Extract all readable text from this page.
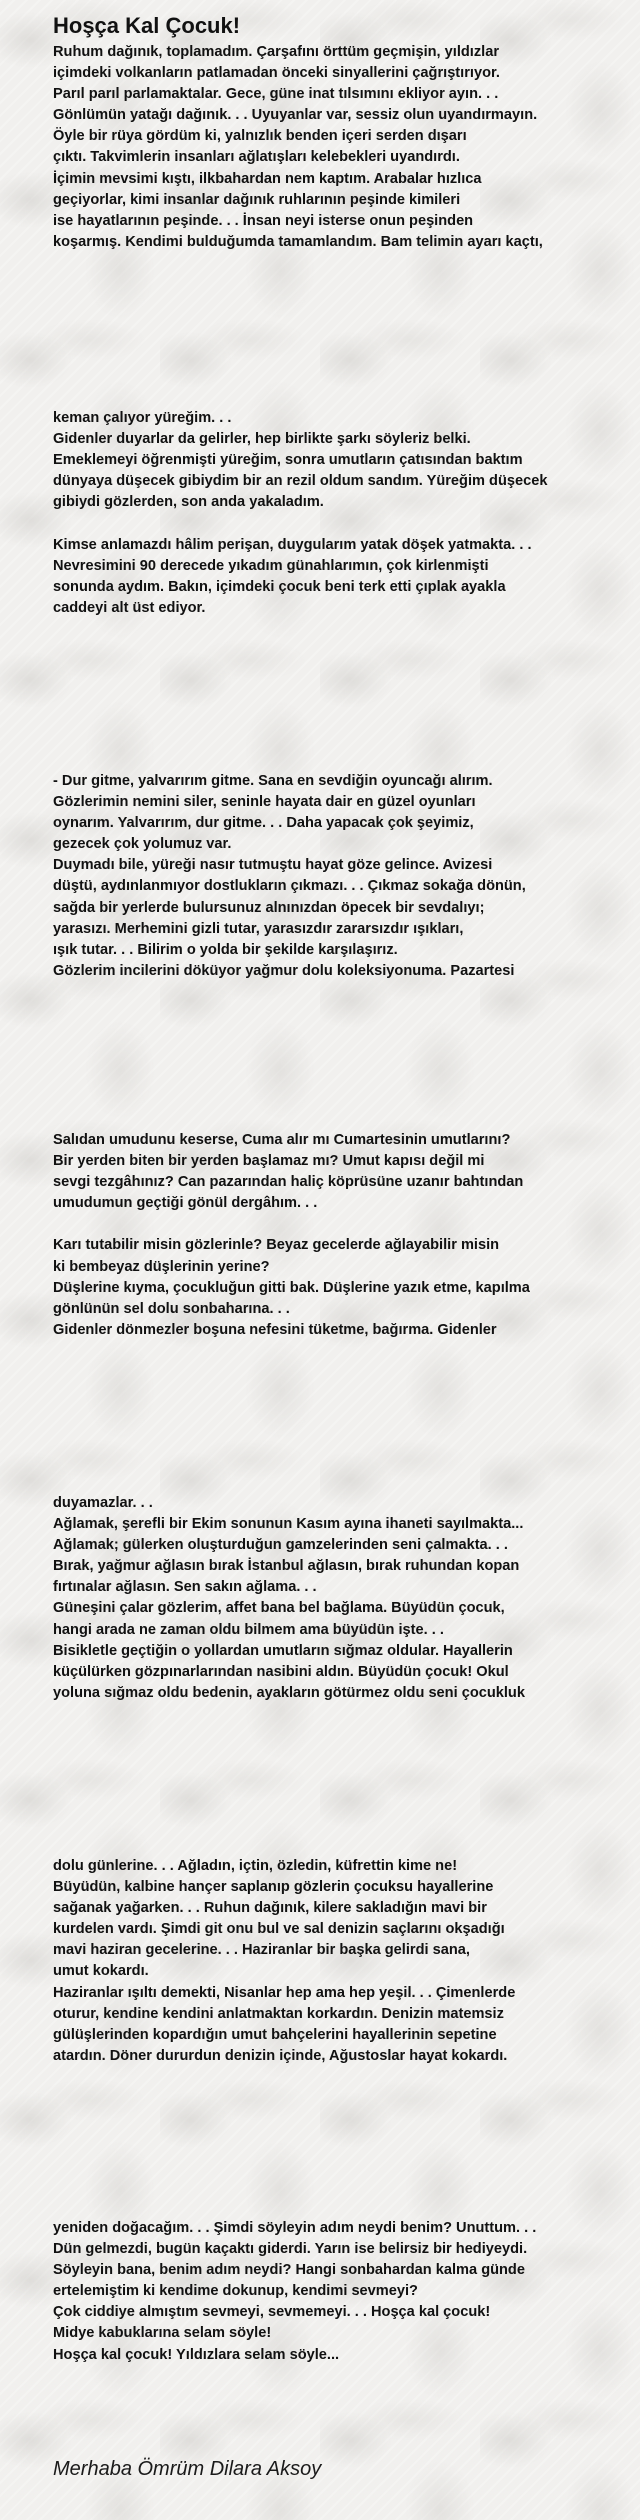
Hoşça Kal Çocuk!
Ruhum dağınık, toplamadım. Çarşafını örttüm geçmişin, yıldızlar
içimdeki volkanların patlamadan önceki sinyallerini çağrıştırıyor.
Parıl parıl parlamaktalar. Gece, güne inat tılsımını ekliyor ayın. . .
Gönlümün yatağı dağınık. . . Uyuyanlar var, sessiz olun uyandırmayın.
Öyle bir rüya gördüm ki, yalnızlık benden içeri serden dışarı
çıktı. Takvimlerin insanları ağlatışları kelebekleri uyandırdı.
İçimin mevsimi kıştı, ilkbahardan nem kaptım. Arabalar hızlıca
geçiyorlar, kimi insanlar dağınık ruhlarının peşinde kimileri
ise hayatlarının peşinde. . . İnsan neyi isterse onun peşinden
koşarmış. Kendimi bulduğumda tamamlandım. Bam telimin ayarı kaçtı,
keman çalıyor yüreğim. . .
Gidenler duyarlar da gelirler, hep birlikte şarkı söyleriz belki.
Emeklemeyi öğrenmişti yüreğim, sonra umutların çatısından baktım
dünyaya düşecek gibiydim bir an rezil oldum sandım. Yüreğim düşecek
gibiydi gözlerden, son anda yakaladım.
Kimse anlamazdı hâlim perişan, duygularım yatak döşek yatmakta. . .
Nevresimini 90 derecede yıkadım günahlarımın, çok kirlenmişti
sonunda aydım. Bakın, içimdeki çocuk beni terk etti çıplak ayakla
caddeyi alt üst ediyor.
- Dur gitme, yalvarırım gitme. Sana en sevdiğin oyuncağı alırım.
Gözlerimin nemini siler, seninle hayata dair en güzel oyunları
oynarım. Yalvarırım, dur gitme. . . Daha yapacak çok şeyimiz,
gezecek çok yolumuz var.
Duymadı bile, yüreği nasır tutmuştu hayat göze gelince. Avizesi
düştü, aydınlanmıyor dostlukların çıkmazı. . . Çıkmaz sokağa dönün,
sağda bir yerlerde bulursunuz alnınızdan öpecek bir sevdalıyı;
yarasızı. Merhemini gizli tutar, yarasızdır zararsızdır ışıkları,
ışık tutar. . . Bilirim o yolda bir şekilde karşılaşırız.
Gözlerim incilerini döküyor yağmur dolu koleksiyonuma. Pazartesi
Salıdan umudunu keserse, Cuma alır mı Cumartesinin umutlarını?
Bir yerden biten bir yerden başlamaz mı? Umut kapısı değil mi
sevgi tezgâhınız? Can pazarından haliç köprüsüne uzanır bahtından
umudumun geçtiği gönül dergâhım. . .
Karı tutabilir misin gözlerinle? Beyaz gecelerde ağlayabilir misin
ki bembeyaz düşlerinin yerine?
Düşlerine kıyma, çocukluğun gitti bak. Düşlerine yazık etme, kapılma
gönlünün sel dolu sonbaharına. . .
Gidenler dönmezler boşuna nefesini tüketme, bağırma. Gidenler
duyamazlar. . .
Ağlamak, şerefli bir Ekim sonunun Kasım ayına ihaneti sayılmakta...
Ağlamak; gülerken oluşturduğun gamzelerinden seni çalmakta. . .
Bırak, yağmur ağlasın bırak İstanbul ağlasın, bırak ruhundan kopan
fırtınalar ağlasın. Sen sakın ağlama. . .
Güneşini çalar gözlerim, affet bana bel bağlama. Büyüdün çocuk,
hangi arada ne zaman oldu bilmem ama büyüdün işte. . .
Bisikletle geçtiğin o yollardan umutların sığmaz oldular. Hayallerin
küçülürken gözpınarlarından nasibini aldın. Büyüdün çocuk! Okul
yoluna sığmaz oldu bedenin, ayakların götürmez oldu seni çocukluk
dolu günlerine. . . Ağladın, içtin, özledin, küfrettin kime ne!
Büyüdün, kalbine hançer saplanıp gözlerin çocuksu hayallerine
sağanak yağarken. . . Ruhun dağınık, kilere sakladığın mavi bir
kurdelen vardı. Şimdi git onu bul ve sal denizin saçlarını okşadığı
mavi haziran gecelerine. . . Haziranlar bir başka gelirdi sana,
umut kokardı.
Haziranlar ışıltı demekti, Nisanlar hep ama hep yeşil. . . Çimenlerde
oturur, kendine kendini anlatmaktan korkardın. Denizin matemsiz
gülüşlerinden kopardığın umut bahçelerini hayallerinin sepetine
atardın. Döner dururdun denizin içinde, Ağustoslar hayat kokardı.
yeniden doğacağım. . . Şimdi söyleyin adım neydi benim? Unuttum. . .
Dün gelmezdi, bugün kaçaktı giderdi. Yarın ise belirsiz bir hediyeydi.
Söyleyin bana, benim adım neydi? Hangi sonbahardan kalma günde
ertelemiştim ki kendime dokunup, kendimi sevmeyi?
Çok ciddiye almıştım sevmeyi, sevmemeyi. . . Hoşça kal çocuk!
Midye kabuklarına selam söyle!
Hoşça kal çocuk! Yıldızlara selam söyle...
Merhaba Ömrüm Dilara Aksoy
